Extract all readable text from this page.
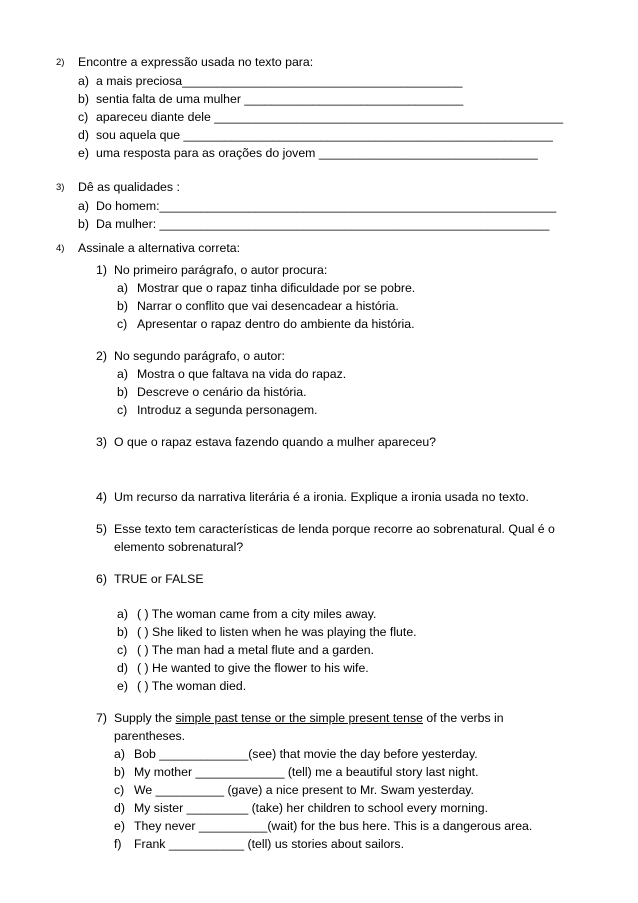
2) Encontre a expressão usada no texto para:
a) a mais preciosa_________________________________________
b) sentia falta de uma mulher ________________________________
c) apareceu diante dele ___________________________________________________
d) sou aquela que ______________________________________________________
e) uma resposta para as orações do jovem ________________________________
3) Dê as qualidades :
a) Do homem:__________________________________________________________
b) Da mulher: _________________________________________________________
4) Assinale a alternativa correta:
1) No primeiro parágrafo, o autor procura:
a) Mostrar que o rapaz tinha dificuldade por se pobre.
b) Narrar o conflito que vai desencadear a história.
c) Apresentar o rapaz dentro do ambiente da história.
2) No segundo parágrafo, o autor:
a) Mostra o que faltava na vida do rapaz.
b) Descreve o cenário da história.
c) Introduz a segunda personagem.
3) O que o rapaz estava fazendo quando a mulher apareceu?
4) Um recurso da narrativa literária é a ironia. Explique a ironia usada no texto.
5) Esse texto tem características de lenda porque recorre ao sobrenatural. Qual é o
elemento sobrenatural?
6) TRUE or FALSE
a) ( ) The woman came from a city miles away.
b) ( ) She liked to listen when he was playing the flute.
c) ( ) The man had a metal flute and a garden.
d) ( ) He wanted to give the flower to his wife.
e) ( ) The woman died.
7) Supply the simple past tense or the simple present tense of the verbs in
parentheses.
a) Bob _____________(see) that movie the day before yesterday.
b) My mother _____________ (tell) me a beautiful story last night.
c) We __________ (gave) a nice present to Mr. Swam yesterday.
d) My sister _________ (take) her children to school every morning.
e) They never __________(wait) for the bus here. This is a dangerous area.
f) Frank ___________ (tell) us stories about sailors.
